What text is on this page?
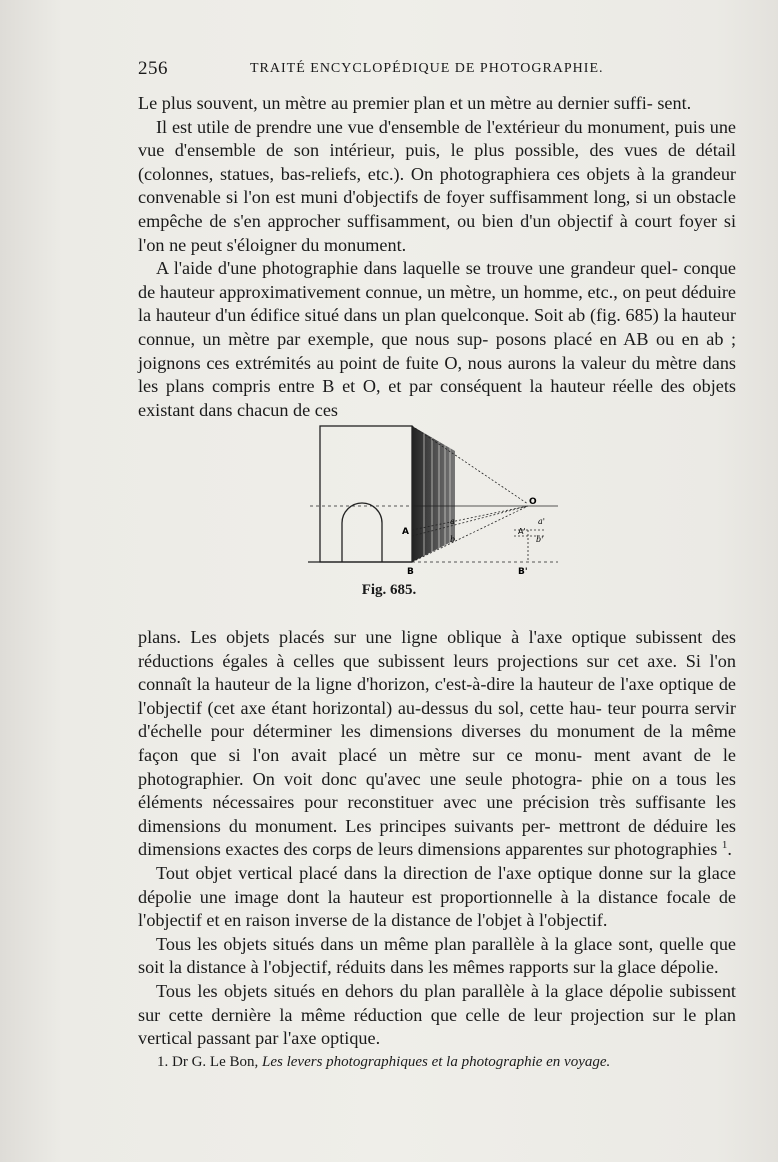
256	TRAITÉ ENCYCLOPÉDIQUE DE PHOTOGRAPHIE.

Le plus souvent, un mètre au premier plan et un mètre au dernier suffi- sent.

Il est utile de prendre une vue d'ensemble de l'extérieur du monument, puis une vue d'ensemble de son intérieur, puis, le plus possible, des vues de détail (colonnes, statues, bas-reliefs, etc.). On photographiera ces objets à la grandeur convenable si l'on est muni d'objectifs de foyer suffisamment long, si un obstacle empêche de s'en approcher suffisamment, ou bien d'un objectif à court foyer si l'on ne peut s'éloigner du monument.

A l'aide d'une photographie dans laquelle se trouve une grandeur quel- conque de hauteur approximativement connue, un mètre, un homme, etc., on peut déduire la hauteur d'un édifice situé dans un plan quelconque. Soit ab (fig. 685) la hauteur connue, un mètre par exemple, que nous sup- posons placé en AB ou en ab ; joignons ces extrémités au point de fuite O, nous aurons la valeur du mètre dans les plans compris entre B et O, et par conséquent la hauteur réelle des objets existant dans chacun de ces

O
A
B	B'
A'
a
b
a'
b'
Fig. 685.

plans. Les objets placés sur une ligne oblique à l'axe optique subissent des réductions égales à celles que subissent leurs projections sur cet axe. Si l'on connaît la hauteur de la ligne d'horizon, c'est-à-dire la hauteur de l'axe optique de l'objectif (cet axe étant horizontal) au-dessus du sol, cette hau- teur pourra servir d'échelle pour déterminer les dimensions diverses du monument de la même façon que si l'on avait placé un mètre sur ce monu- ment avant de le photographier. On voit donc qu'avec une seule photogra- phie on a tous les éléments nécessaires pour reconstituer avec une précision très suffisante les dimensions du monument. Les principes suivants per- mettront de déduire les dimensions exactes des corps de leurs dimensions apparentes sur photographies $^1$.

Tout objet vertical placé dans la direction de l'axe optique donne sur la glace dépolie une image dont la hauteur est proportionnelle à la distance focale de l'objectif et en raison inverse de la distance de l'objet à l'objectif.

Tous les objets situés dans un même plan parallèle à la glace sont, quelle que soit la distance à l'objectif, réduits dans les mêmes rapports sur la glace dépolie.

Tous les objets situés en dehors du plan parallèle à la glace dépolie subissent sur cette dernière la même réduction que celle de leur projection sur le plan vertical passant par l'axe optique.

1. Dr G. Le Bon, Les levers photographiques et la photographie en voyage.
